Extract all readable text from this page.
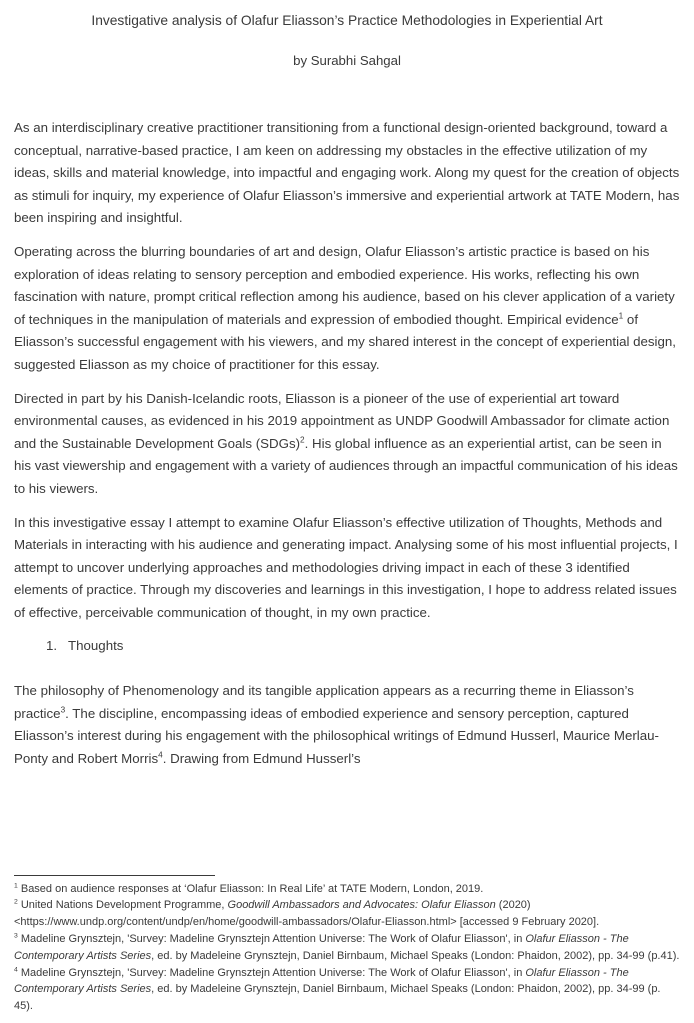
Investigative analysis of Olafur Eliasson’s Practice Methodologies in Experiential Art
by Surabhi Sahgal

As an interdisciplinary creative practitioner transitioning from a functional design-oriented background, toward a conceptual, narrative-based practice, I am keen on addressing my obstacles in the effective utilization of my ideas, skills and material knowledge, into impactful and engaging work. Along my quest for the creation of objects as stimuli for inquiry, my experience of Olafur Eliasson’s immersive and experiential artwork at TATE Modern, has been inspiring and insightful.

Operating across the blurring boundaries of art and design, Olafur Eliasson’s artistic practice is based on his exploration of ideas relating to sensory perception and embodied experience. His works, reflecting his own fascination with nature, prompt critical reflection among his audience, based on his clever application of a variety of techniques in the manipulation of materials and expression of embodied thought. Empirical evidence$^1$ of Eliasson’s successful engagement with his viewers, and my shared interest in the concept of experiential design, suggested Eliasson as my choice of practitioner for this essay.

Directed in part by his Danish-Icelandic roots, Eliasson is a pioneer of the use of experiential art toward environmental causes, as evidenced in his 2019 appointment as UNDP Goodwill Ambassador for climate action and the Sustainable Development Goals (SDGs)$^2$. His global influence as an experiential artist, can be seen in his vast viewership and engagement with a variety of audiences through an impactful communication of his ideas to his viewers.

In this investigative essay I attempt to examine Olafur Eliasson’s effective utilization of Thoughts, Methods and Materials in interacting with his audience and generating impact. Analysing some of his most influential projects, I attempt to uncover underlying approaches and methodologies driving impact in each of these 3 identified elements of practice. Through my discoveries and learnings in this investigation, I hope to address related issues of effective, perceivable communication of thought, in my own practice.

1. Thoughts

The philosophy of Phenomenology and its tangible application appears as a recurring theme in Eliasson’s practice$^3$. The discipline, encompassing ideas of embodied experience and sensory perception, captured Eliasson’s interest during his engagement with the philosophical writings of Edmund Husserl, Maurice Merlau-Ponty and Robert Morris$^4$. Drawing from Edmund Husserl’s

$^1$ Based on audience responses at ‘Olafur Eliasson: In Real Life’ at TATE Modern, London, 2019.

$^2$ United Nations Development Programme, Goodwill Ambassadors and Advocates: Olafur Eliasson (2020) <https://www.undp.org/content/undp/en/home/goodwill-ambassadors/Olafur-Eliasson.html> [accessed 9 February 2020].

$^3$ Madeline Grynsztejn, 'Survey: Madeline Grynsztejn Attention Universe: The Work of Olafur Eliasson', in Olafur Eliasson - The Contemporary Artists Series, ed. by Madeleine Grynsztejn, Daniel Birnbaum, Michael Speaks (London: Phaidon, 2002), pp. 34-99 (p.41).

$^4$ Madeline Grynsztejn, 'Survey: Madeline Grynsztejn Attention Universe: The Work of Olafur Eliasson', in Olafur Eliasson - The Contemporary Artists Series, ed. by Madeleine Grynsztejn, Daniel Birnbaum, Michael Speaks (London: Phaidon, 2002), pp. 34-99 (p. 45).
